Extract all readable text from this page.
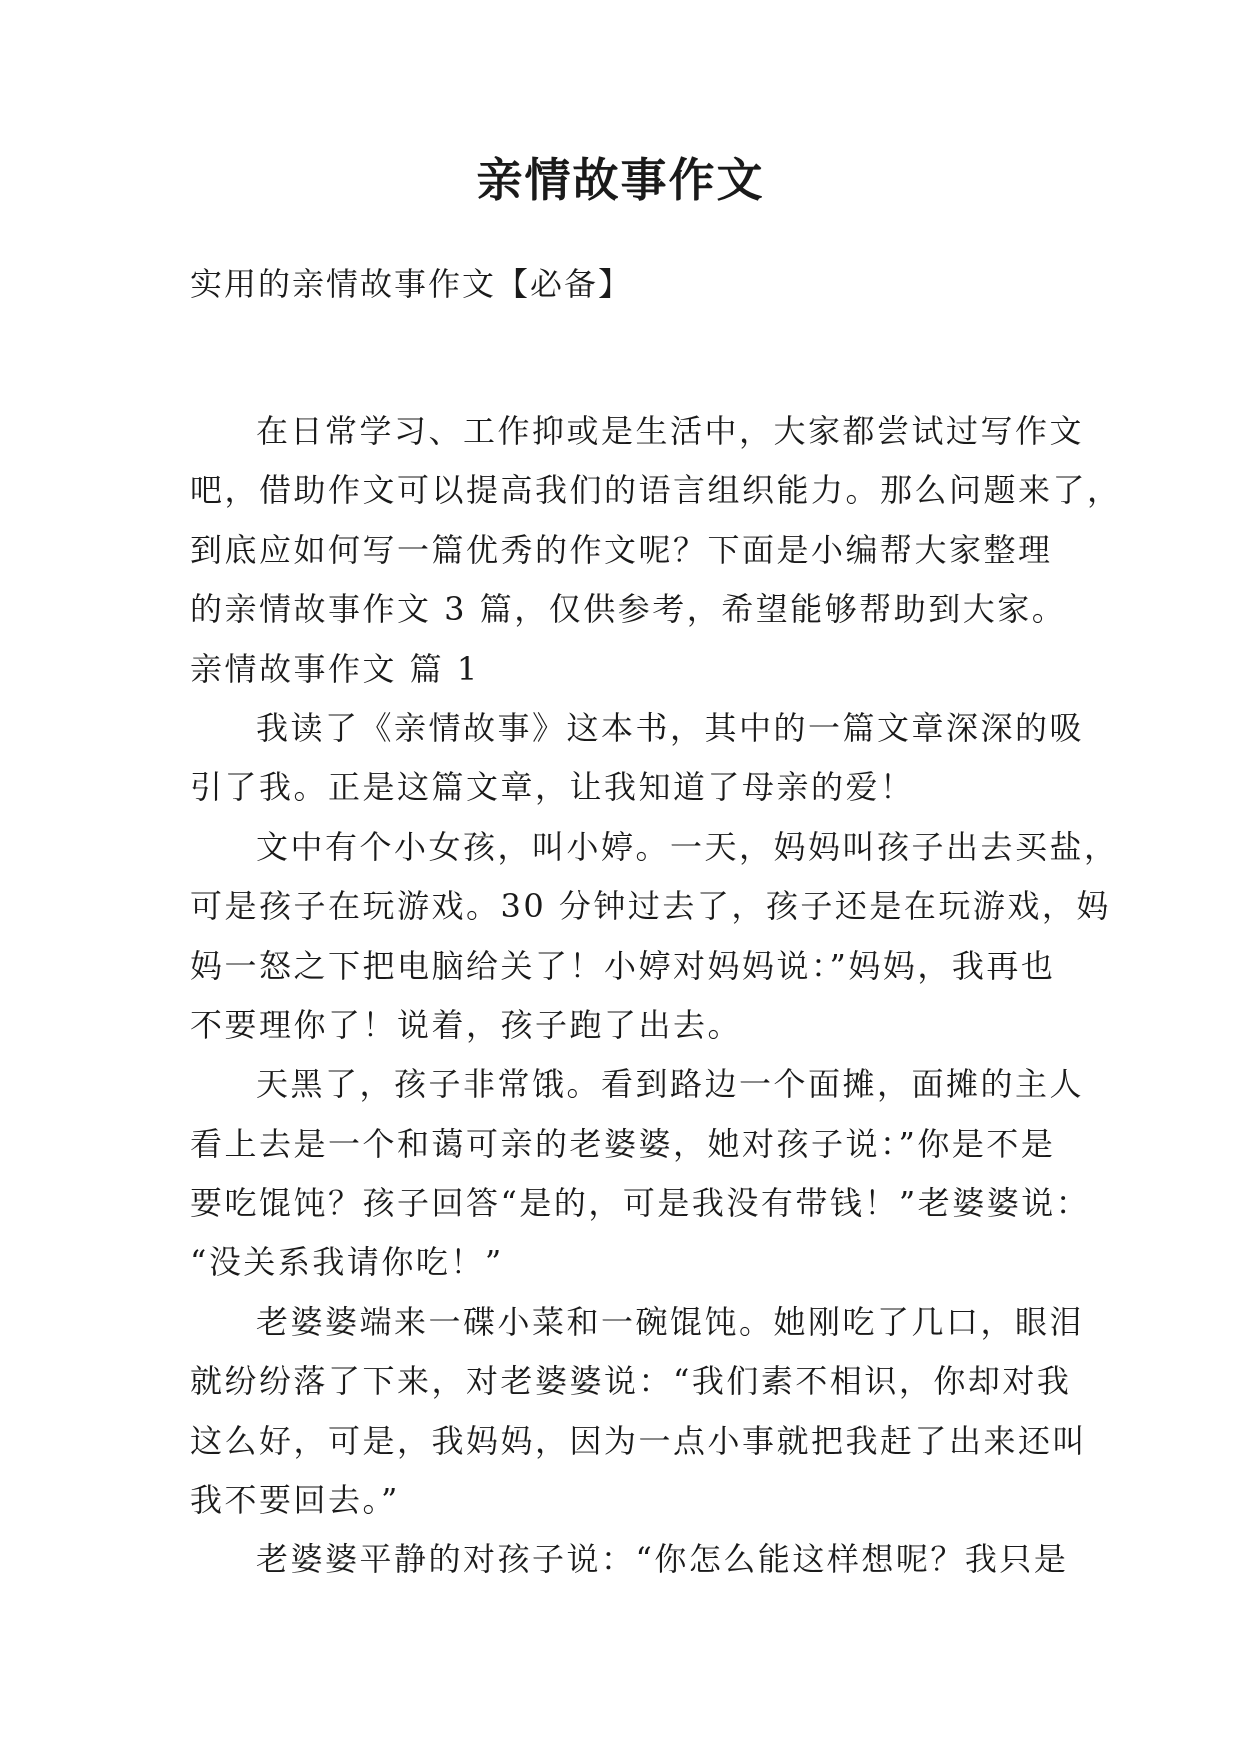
亲情故事作文
实用的亲情故事作文【必备】
在日常学习、工作抑或是生活中，大家都尝试过写作文
吧，借助作文可以提高我们的语言组织能力。那么问题来了，
到底应如何写一篇优秀的作文呢？下面是小编帮大家整理
的亲情故事作文 3 篇，仅供参考，希望能够帮助到大家。
亲情故事作文 篇 1
我读了《亲情故事》这本书，其中的一篇文章深深的吸
引了我。正是这篇文章，让我知道了母亲的爱！
文中有个小女孩，叫小婷。一天，妈妈叫孩子出去买盐，
可是孩子在玩游戏。30 分钟过去了，孩子还是在玩游戏，妈
妈一怒之下把电脑给关了！小婷对妈妈说：”妈妈，我再也
不要理你了！说着，孩子跑了出去。
天黑了，孩子非常饿。看到路边一个面摊，面摊的主人
看上去是一个和蔼可亲的老婆婆，她对孩子说：”你是不是
要吃馄饨？孩子回答“是的，可是我没有带钱！”老婆婆说：
“没关系我请你吃！”
老婆婆端来一碟小菜和一碗馄饨。她刚吃了几口，眼泪
就纷纷落了下来，对老婆婆说：“我们素不相识，你却对我
这么好，可是，我妈妈，因为一点小事就把我赶了出来还叫
我不要回去。”
老婆婆平静的对孩子说：“你怎么能这样想呢？我只是
